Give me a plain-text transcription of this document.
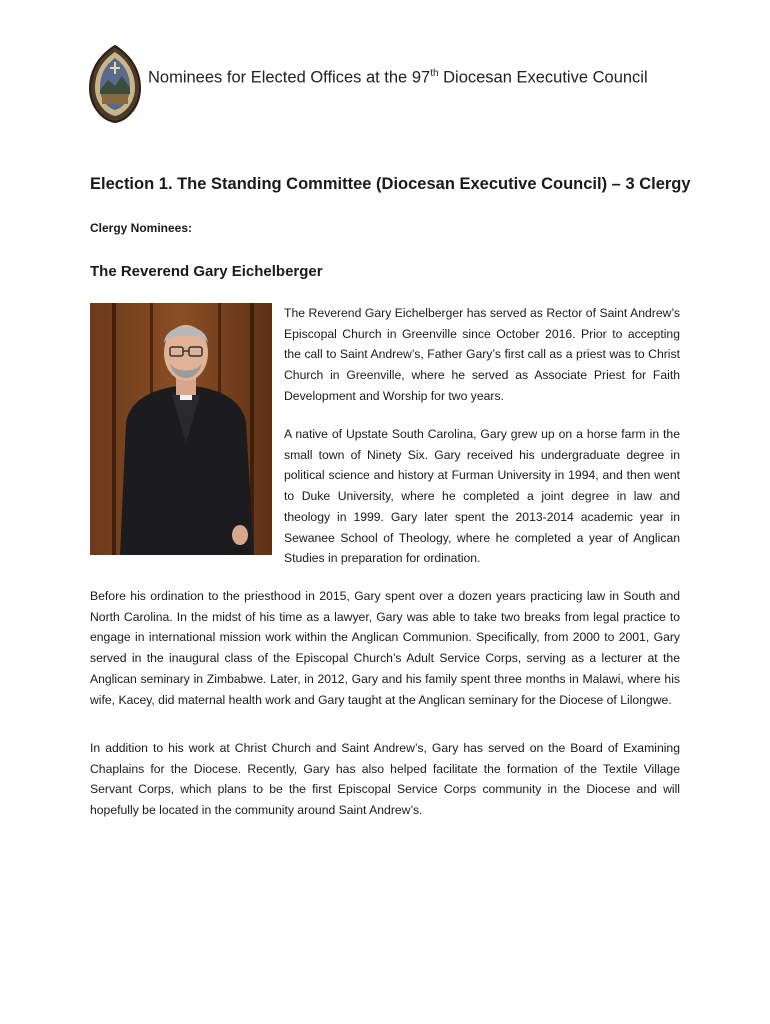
Nominees for Elected Offices at the 97th Diocesan Executive Council
Election 1. The Standing Committee (Diocesan Executive Council) – 3 Clergy
Clergy Nominees:
The Reverend Gary Eichelberger

The Reverend Gary Eichelberger has served as Rector of Saint Andrew’s Episcopal Church in Greenville since October 2016. Prior to accepting the call to Saint Andrew’s, Father Gary’s first call as a priest was to Christ Church in Greenville, where he served as Associate Priest for Faith Development and Worship for two years.

A native of Upstate South Carolina, Gary grew up on a horse farm in the small town of Ninety Six. Gary received his undergraduate degree in political science and history at Furman University in 1994, and then went to Duke University, where he completed a joint degree in law and theology in 1999. Gary later spent the 2013-2014 academic year in Sewanee School of Theology, where he completed a year of Anglican Studies in preparation for ordination.

Before his ordination to the priesthood in 2015, Gary spent over a dozen years practicing law in South and North Carolina. In the midst of his time as a lawyer, Gary was able to take two breaks from legal practice to engage in international mission work within the Anglican Communion. Specifically, from 2000 to 2001, Gary served in the inaugural class of the Episcopal Church’s Adult Service Corps, serving as a lecturer at the Anglican seminary in Zimbabwe. Later, in 2012, Gary and his family spent three months in Malawi, where his wife, Kacey, did maternal health work and Gary taught at the Anglican seminary for the Diocese of Lilongwe.

In addition to his work at Christ Church and Saint Andrew’s, Gary has served on the Board of Examining Chaplains for the Diocese. Recently, Gary has also helped facilitate the formation of the Textile Village Servant Corps, which plans to be the first Episcopal Service Corps community in the Diocese and will hopefully be located in the community around Saint Andrew’s.
